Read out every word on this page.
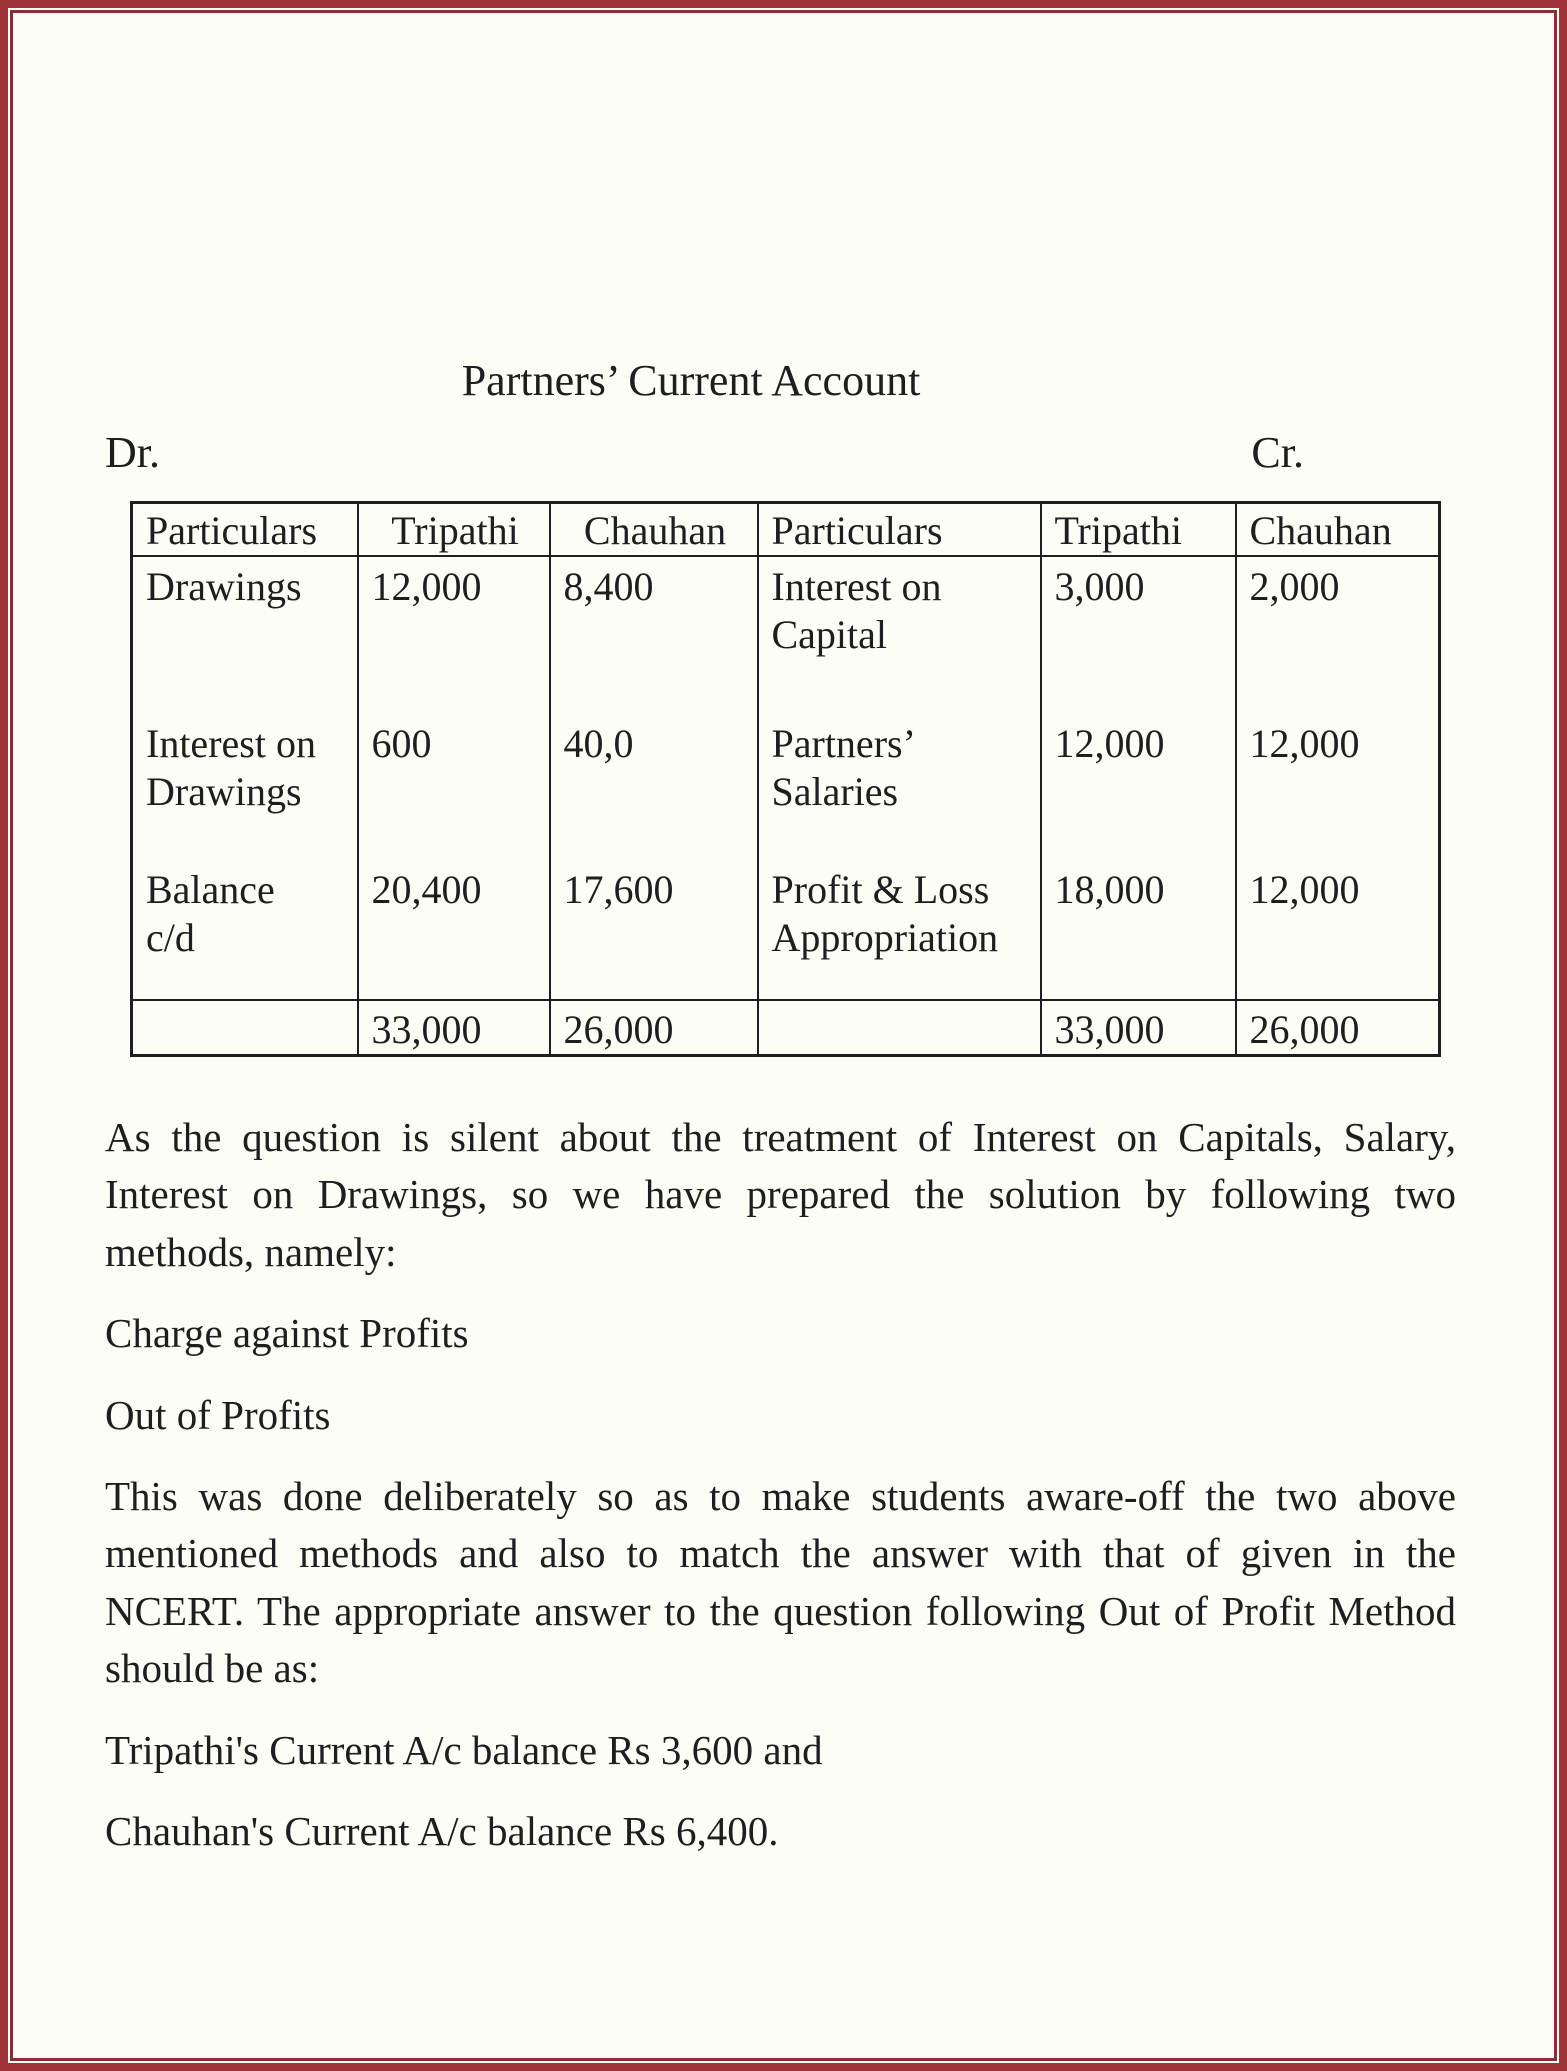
Partners’ Current Account
Dr.	Cr.
Particulars	Tripathi	Chauhan	Particulars	Tripathi	Chauhan
Drawings	12,000	8,400	Interest on Capital	3,000	2,000
Interest on Drawings	600	40,0	Partners’ Salaries	12,000	12,000

Balance c/d	20,400	17,600	Profit & Loss Appropriation	18,000	12,000
	33,000	26,000		33,000	26,000

As the question is silent about the treatment of Interest on Capitals, Salary, Interest on Drawings, so we have prepared the solution by following two methods, namely:

Charge against Profits

Out of Profits

This was done deliberately so as to make students aware-off the two above mentioned methods and also to match the answer with that of given in the NCERT. The appropriate answer to the question following Out of Profit Method should be as:

Tripathi's Current A/c balance Rs 3,600 and

Chauhan's Current A/c balance Rs 6,400.
